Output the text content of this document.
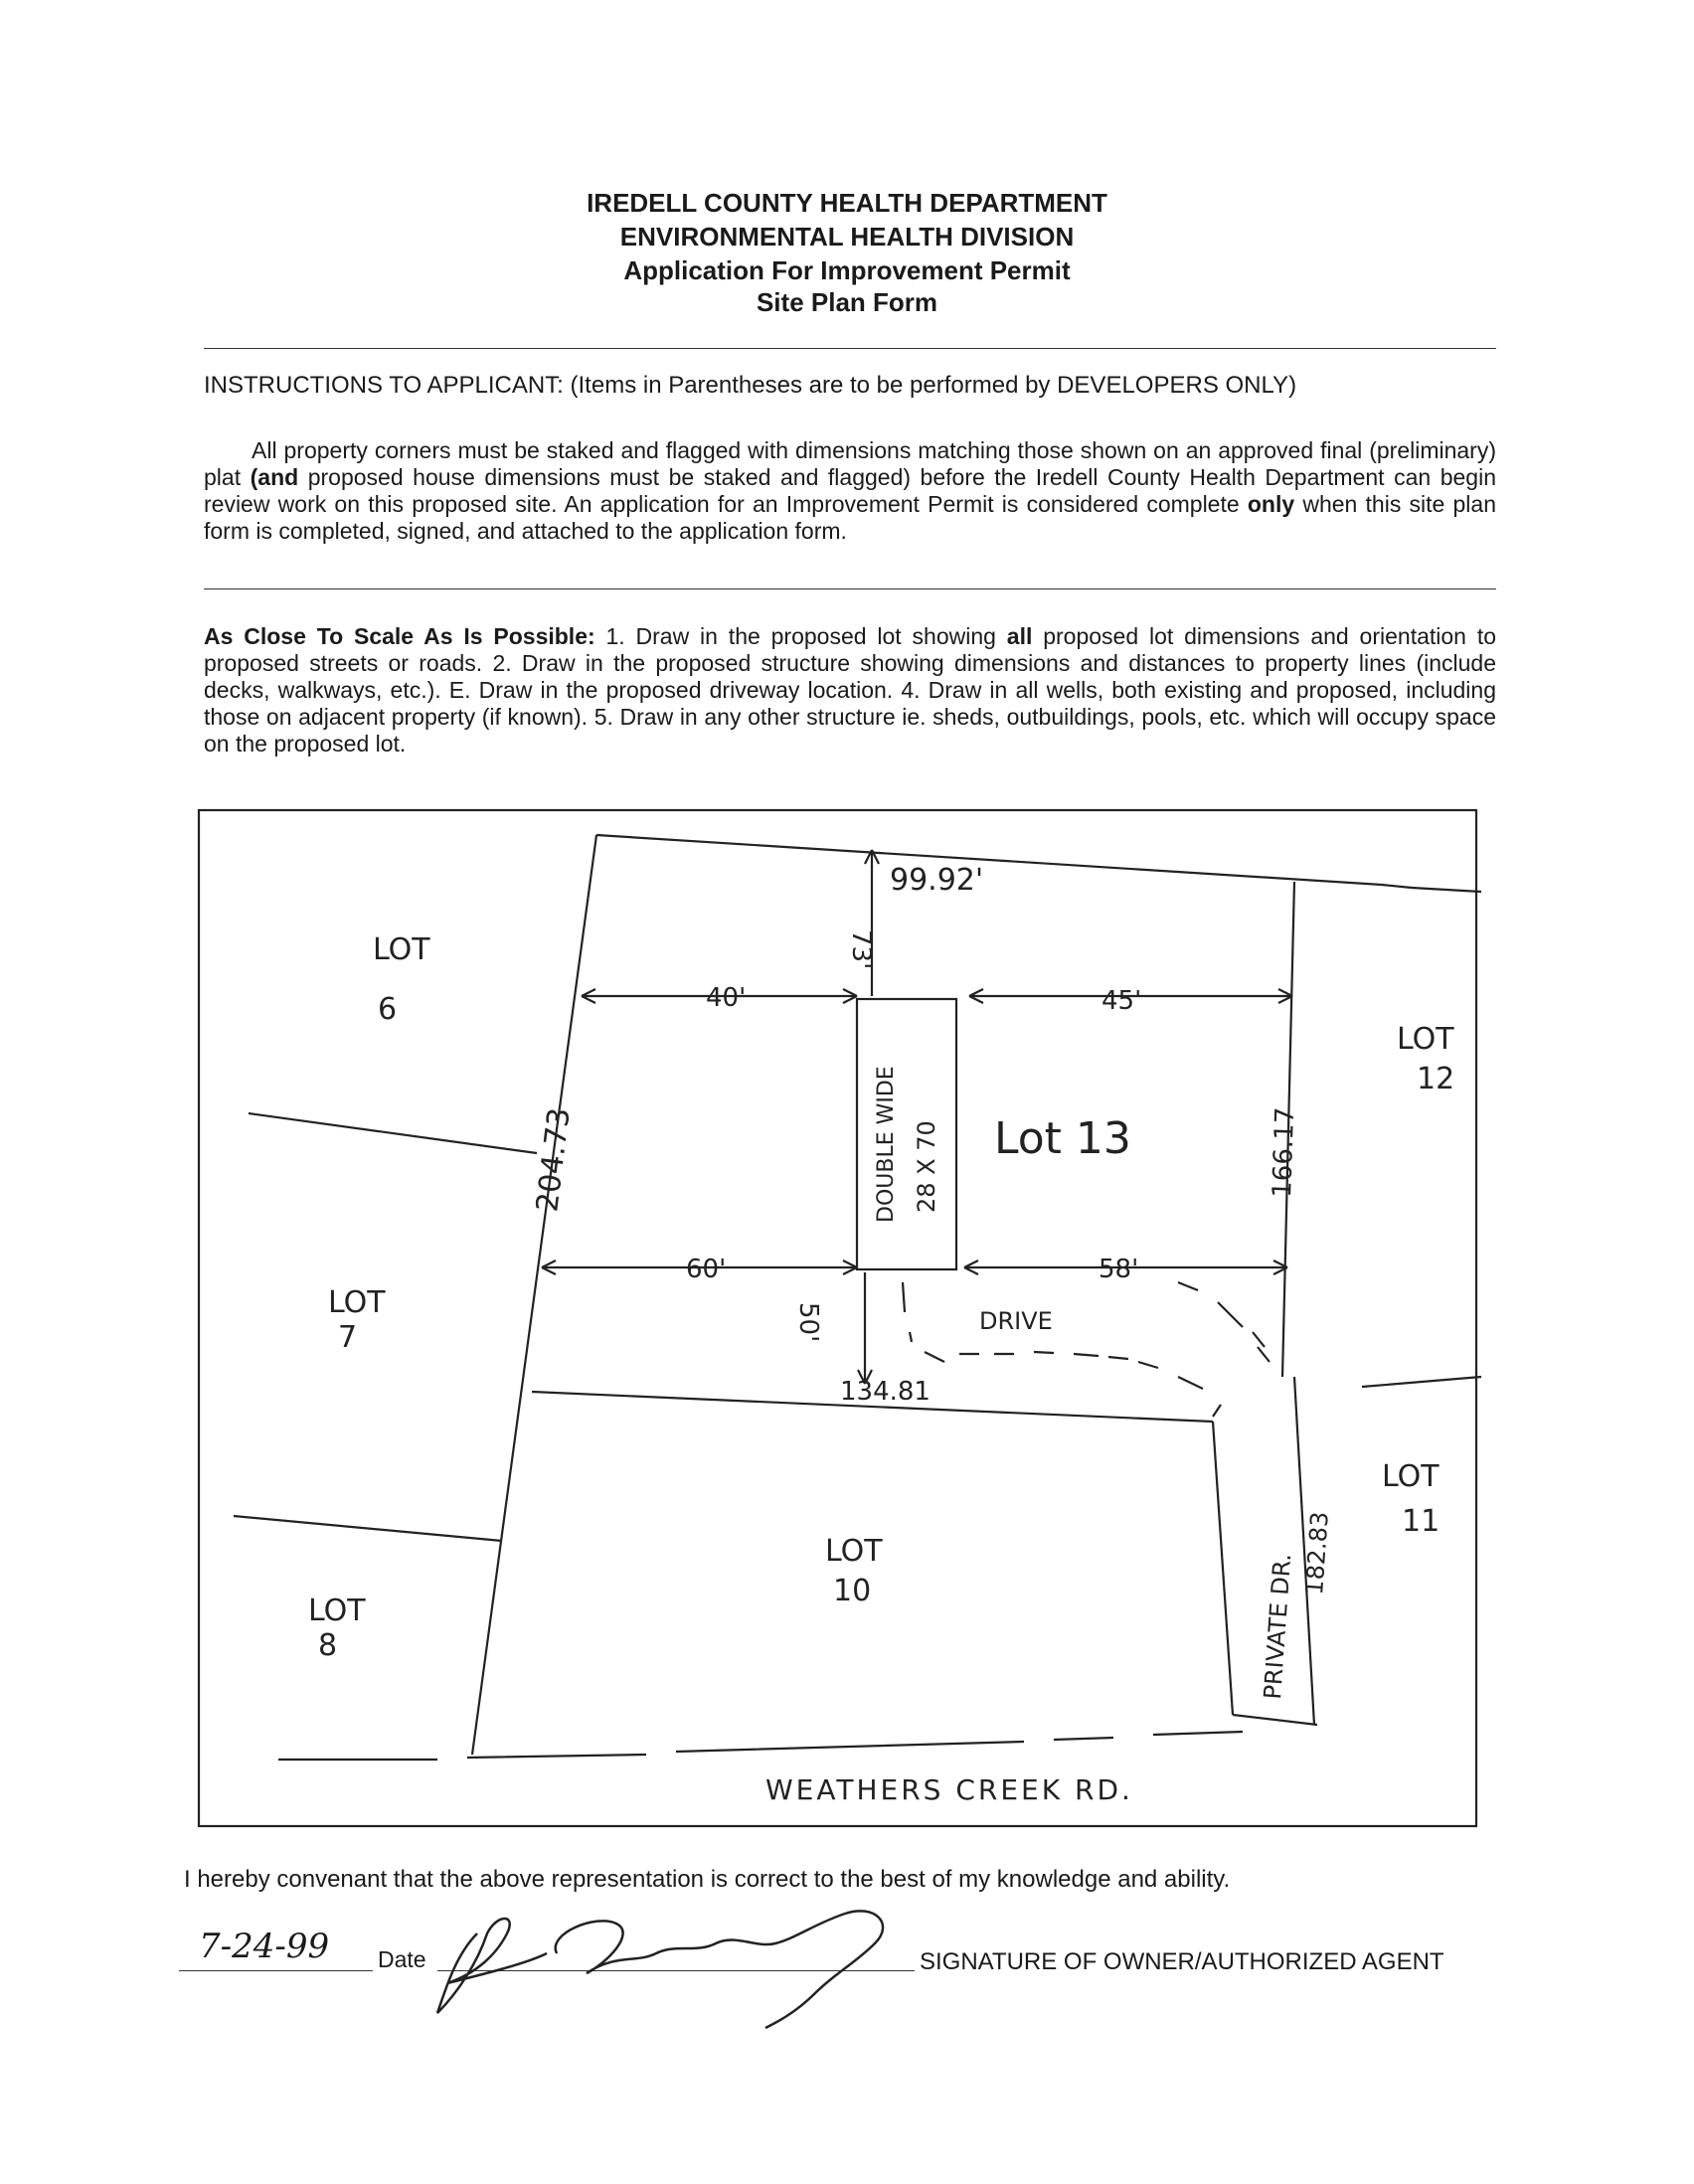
IREDELL COUNTY HEALTH DEPARTMENT
ENVIRONMENTAL HEALTH DIVISION
Application For Improvement Permit
Site Plan Form
INSTRUCTIONS TO APPLICANT: (Items in Parentheses are to be performed by DEVELOPERS ONLY)
All property corners must be staked and flagged with dimensions matching those shown on an approved final (preliminary) plat (and proposed house dimensions must be staked and flagged) before the Iredell County Health Department can begin review work on this proposed site. An application for an Improvement Permit is considered complete only when this site plan form is completed, signed, and attached to the application form.
As Close To Scale As Is Possible: 1. Draw in the proposed lot showing all proposed lot dimensions and orientation to proposed streets or roads. 2. Draw in the proposed structure showing dimensions and distances to property lines (include decks, walkways, etc.). E. Draw in the proposed driveway location. 4. Draw in all wells, both existing and proposed, including those on adjacent property (if known). 5. Draw in any other structure ie. sheds, outbuildings, pools, etc. which will occupy space on the proposed lot.
LOT
6
LOT
7
LOT
8
LOT
10
LOT
11
LOT
12
Lot 13
99.92'
40'	45'
60'	58'
134.81
DRIVE
WEATHERS CREEK RD.
204.73	166.17
73'
50'
DOUBLE WIDE 28 X 70
PRIVATE DR. 182.83
I hereby convenant that the above representation is correct to the best of my knowledge and ability.
7-24-99 Date	SIGNATURE OF OWNER/AUTHORIZED AGENT
